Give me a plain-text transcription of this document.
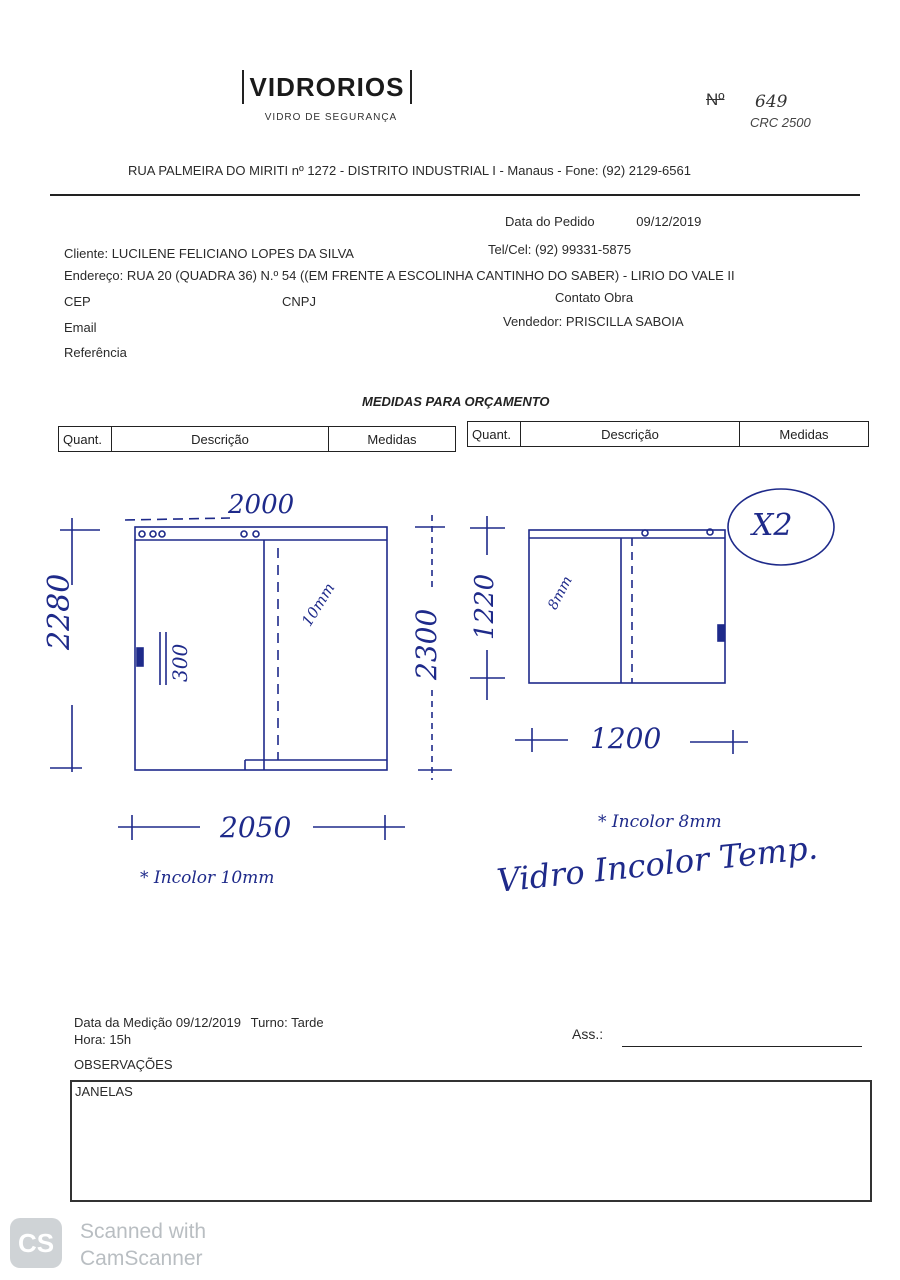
VIDRORIOS
VIDRO DE SEGURANÇA
Nº 649
CRC 2500
RUA PALMEIRA DO MIRITI nº 1272 - DISTRITO INDUSTRIAL I - Manaus - Fone: (92) 2129-6561
Data do Pedido	09/12/2019
Cliente: LUCILENE FELICIANO LOPES DA SILVA	Tel/Cel: (92) 99331-5875
Endereço: RUA 20 (QUADRA 36) N.º 54 ((EM FRENTE A ESCOLINHA CANTINHO DO SABER) - LIRIO DO VALE II
CEP	CNPJ	Contato Obra
Email	Vendedor: PRISCILLA SABOIA
Referência
MEDIDAS PARA ORÇAMENTO
Quant.	Descrição	Medidas	Quant.	Descrição	Medidas
2000
2280
300
10mm
2300
2050
* Incolor 10mm
X2
1220	8mm
1200
* Incolor 8mm
Vidro Incolor Temp.
Data da Medição 09/12/2019 Turno: Tarde
Hora: 15h	Ass.:
OBSERVAÇÕES
JANELAS
CS	Scanned with
CamScanner
